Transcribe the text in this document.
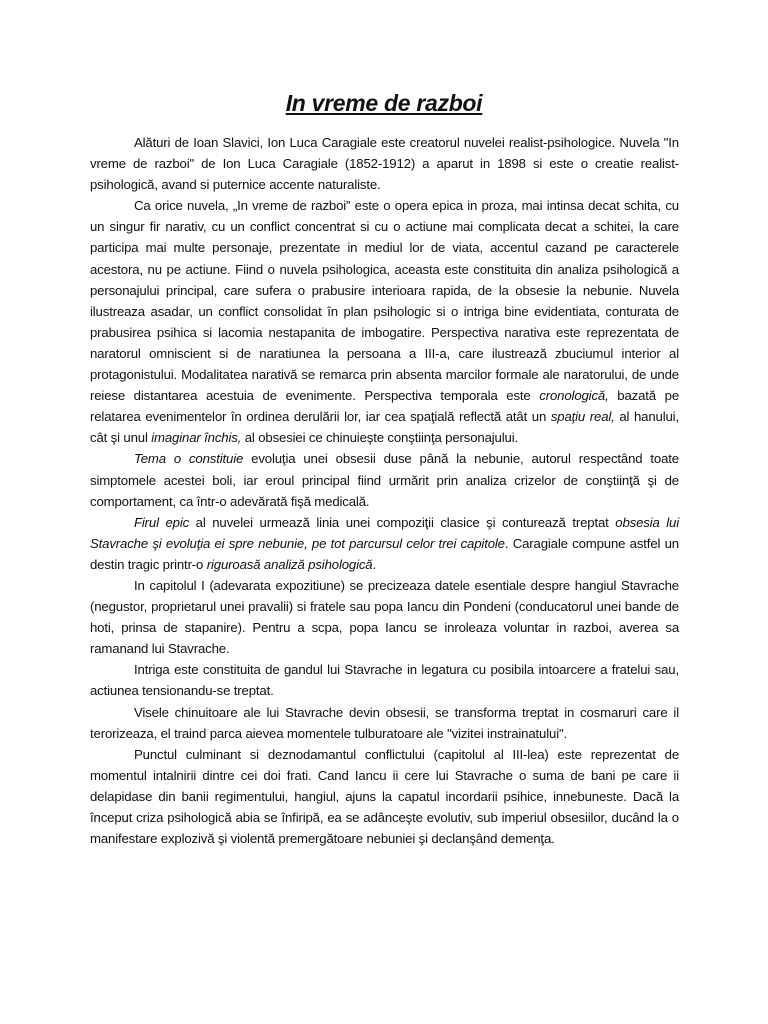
In vreme de razboi

Alături de Ioan Slavici, Ion Luca Caragiale este creatorul nuvelei realist-psihologice. Nuvela "In vreme de razboi" de Ion Luca Caragiale (1852-1912) a aparut in 1898 si este o creatie realist-psihologică, avand si puternice accente naturaliste.

Ca orice nuvela, „In vreme de razboi” este o opera epica in proza, mai intinsa decat schita, cu un singur fir narativ, cu un conflict concentrat si cu o actiune mai complicata decat a schitei, la care participa mai multe personaje, prezentate in mediul lor de viata, accentul cazand pe caracterele acestora, nu pe actiune. Fiind o nuvela psihologica, aceasta este constituita din analiza psihologică a personajului principal, care sufera o prabusire interioara rapida, de la obsesie la nebunie. Nuvela ilustreaza asadar, un conflict consolidat în plan psihologic si o intriga bine evidentiata, conturata de prabusirea psihica si lacomia nestapanita de imbogatire. Perspectiva narativa este reprezentata de naratorul omniscient si de naratiunea la persoana a III-a, care ilustrează zbuciumul interior al protagonistului. Modalitatea narativă se remarca prin absenta marcilor formale ale naratorului, de unde reiese distantarea acestuia de evenimente. Perspectiva temporala este cronologică, bazată pe relatarea evenimentelor în ordinea derulării lor, iar cea spaţială reflectă atât un spaţiu real, al hanului, cât şi unul imaginar închis, al obsesiei ce chinuieşte conştiinţa personajului.

Tema o constituie evoluţia unei obsesii duse până la nebunie, autorul respectând toate simptomele acestei boli, iar eroul principal fiind urmărit prin analiza crizelor de conştiinţă şi de comportament, ca într-o adevărată fişă medicală.

Firul epic al nuvelei urmează linia unei compoziţii clasice şi conturează treptat obsesia lui Stavrache şi evoluţia ei spre nebunie, pe tot parcursul celor trei capitole. Caragiale compune astfel un destin tragic printr-o riguroasă analiză psihologică.

In capitolul I (adevarata expozitiune) se precizeaza datele esentiale despre hangiul Stavrache (negustor, proprietarul unei pravalii) si fratele sau popa Iancu din Pondeni (conducatorul unei bande de hoti, prinsa de stapanire). Pentru a scpa, popa Iancu se inroleaza voluntar in razboi, averea sa ramanand lui Stavrache.

Intriga este constituita de gandul lui Stavrache in legatura cu posibila intoarcere a fratelui sau, actiunea tensionandu-se treptat.

Visele chinuitoare ale lui Stavrache devin obsesii, se transforma treptat in cosmaruri care il terorizeaza, el traind parca aievea momentele tulburatoare ale "vizitei instrainatului".

Punctul culminant si deznodamantul conflictului (capitolul al III-lea) este reprezentat de momentul intalnirii dintre cei doi frati. Cand Iancu ii cere lui Stavrache o suma de bani pe care ii delapidase din banii regimentului, hangiul, ajuns la capatul incordarii psihice, innebuneste. Dacă la început criza psihologică abia se înfiripă, ea se adânceşte evolutiv, sub imperiul obsesiilor, ducând la o manifestare explozivă şi violentă premergătoare nebuniei şi declanşând demenţa.
